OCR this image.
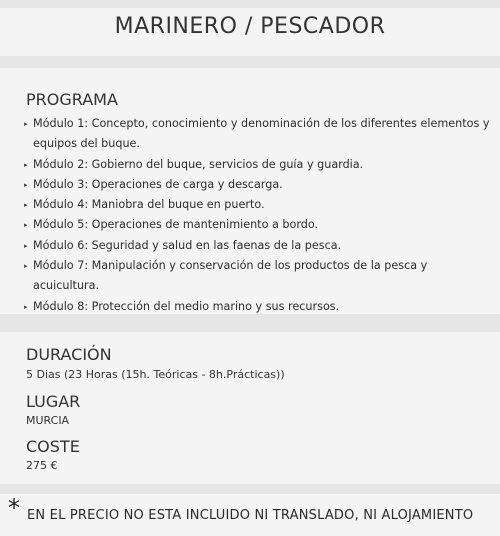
MARINERO / PESCADOR
PROGRAMA
▸ Módulo 1: Concepto, conocimiento y denominación de los diferentes elementos y equipos del buque.
▸ Módulo 2: Gobierno del buque, servicios de guía y guardia.
▸ Módulo 3: Operaciones de carga y descarga.
▸ Módulo 4: Maniobra del buque en puerto.
▸ Módulo 5: Operaciones de mantenimiento a bordo.
▸ Módulo 6: Seguridad y salud en las faenas de la pesca.
▸ Módulo 7: Manipulación y conservación de los productos de la pesca y acuicultura.
▸ Módulo 8: Protección del medio marino y sus recursos.
DURACIÓN
5 Dias (23 Horas (15h. Teóricas - 8h.Prácticas))
LUGAR
MURCIA
COSTE
275 €
* EN EL PRECIO NO ESTA INCLUIDO NI TRANSLADO, NI ALOJAMIENTO
